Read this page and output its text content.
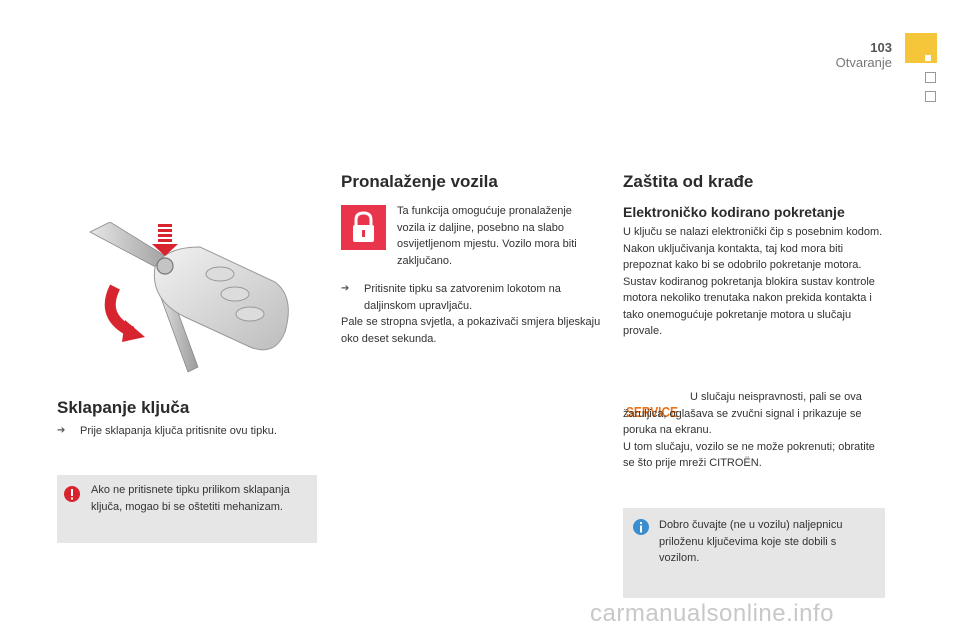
103
Otvaranje
Sklapanje ključa
➔	Prije sklapanja ključa pritisnite ovu tipku.

Ako ne pritisnete tipku prilikom sklapanja ključa, mogao bi se oštetiti mehanizam.

Pronalaženje vozila

Ta funkcija omogućuje pronalaženje vozila iz daljine, posebno na slabo osvijetljenom mjestu. Vozilo mora biti zaključano.

➔	Pritisnite tipku sa zatvorenim lokotom na daljinskom upravljaču.

Pale se stropna svjetla, a pokazivači smjera bljeskaju oko deset sekunda.

Zaštita od krađe
Elektroničko kodirano pokretanje

U ključu se nalazi elektronički čip s posebnim kodom. Nakon uključivanja kontakta, taj kod mora biti prepoznat kako bi se odobrilo pokretanje motora.
Sustav kodiranog pokretanja blokira sustav kontrole motora nekoliko trenutaka nakon prekida kontakta i tako onemogućuje pokretanje motora u slučaju provale.

SERVICE

U slučaju neispravnosti, pali se ova žaruljica, oglašava se zvučni signal i prikazuje se poruka na ekranu.
U tom slučaju, vozilo se ne može pokrenuti; obratite se što prije mreži CITROËN.

Dobro čuvajte (ne u vozilu) naljepnicu priloženu ključevima koje ste dobili s vozilom.

carmanualsonline.info
